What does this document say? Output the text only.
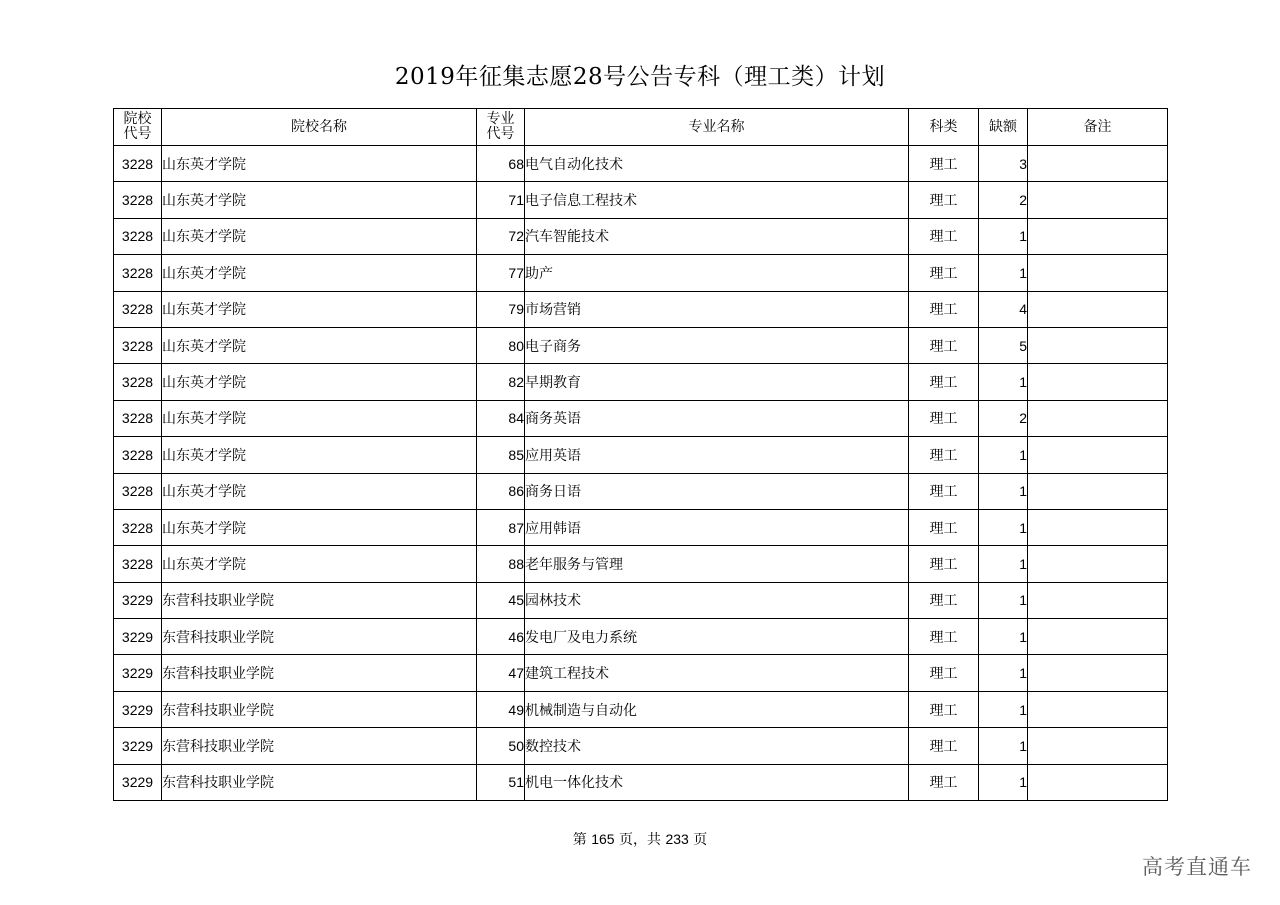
2019年征集志愿28号公告专科（理工类）计划
院校
代号	院校名称	专业
代号	专业名称	科类	缺额	备注
3228	山东英才学院	68	电气自动化技术	理工	3	
3228	山东英才学院	71	电子信息工程技术	理工	2	
3228	山东英才学院	72	汽车智能技术	理工	1	
3228	山东英才学院	77	助产	理工	1	
3228	山东英才学院	79	市场营销	理工	4	
3228	山东英才学院	80	电子商务	理工	5	
3228	山东英才学院	82	早期教育	理工	1	
3228	山东英才学院	84	商务英语	理工	2	
3228	山东英才学院	85	应用英语	理工	1	
3228	山东英才学院	86	商务日语	理工	1	
3228	山东英才学院	87	应用韩语	理工	1	
3228	山东英才学院	88	老年服务与管理	理工	1	
3229	东营科技职业学院	45	园林技术	理工	1	
3229	东营科技职业学院	46	发电厂及电力系统	理工	1	
3229	东营科技职业学院	47	建筑工程技术	理工	1	
3229	东营科技职业学院	49	机械制造与自动化	理工	1	
3229	东营科技职业学院	50	数控技术	理工	1	
3229	东营科技职业学院	51	机电一体化技术	理工	1	
第 165 页，共 233 页
高考直通车
